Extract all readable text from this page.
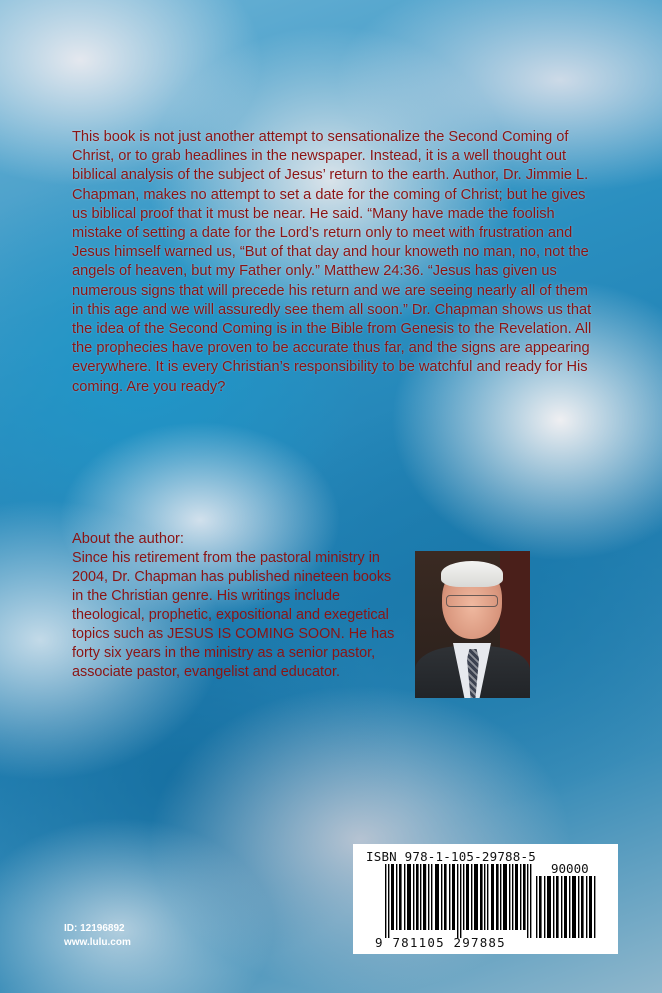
This book is not just another attempt to sensationalize the Second Coming of Christ, or to grab headlines in the newspaper. Instead, it is a well thought out biblical analysis of the subject of Jesus’ return to the earth. Author, Dr. Jimmie L. Chapman, makes no attempt to set a date for the coming of Christ; but he gives us biblical proof that it must be near. He said. “Many have made the foolish mistake of setting a date for the Lord’s return only to meet with frustration and Jesus himself warned us, “But of that day and hour knoweth no man, no, not the angels of heaven, but my Father only.” Matthew 24:36. “Jesus has given us numerous signs that will precede his return and we are seeing nearly all of them in this age and we will assuredly see them all soon.” Dr. Chapman shows us that the idea of the Second Coming is in the Bible from Genesis to the Revelation. All the prophecies have proven to be accurate thus far, and the signs are appearing everywhere. It is every Christian’s responsibility to be watchful and ready for His coming. Are you ready?

About the author:

Since his retirement from the pastoral ministry in 2004, Dr. Chapman has published nineteen books in the Christian genre. His writings include theological, prophetic, expositional and exegetical topics such as JESUS IS COMING SOON. He has forty six years in the ministry as a senior pastor, associate pastor, evangelist and educator.

ID: 12196892
www.lulu.com

ISBN 978-1-105-29788-5

90000

9 781105 297885
